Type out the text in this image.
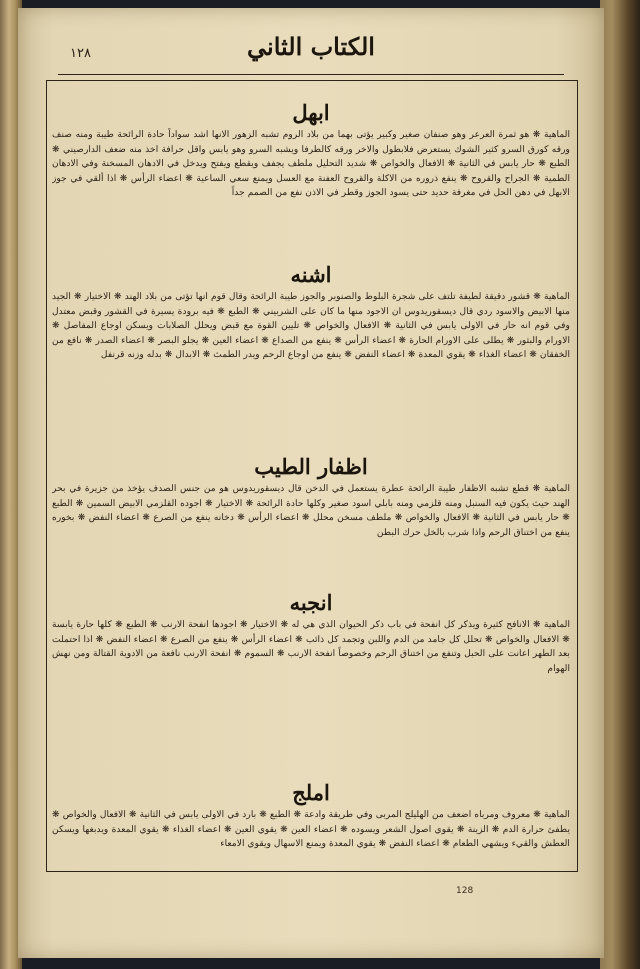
١٢٨	الكتاب الثاني
ابهل
الماهية ❋ هو ثمرة العرعر وهو صنفان صغير وكبير يؤتى بهما من بلاد الروم تشبه الزهور الانها اشد سواداً حادة الرائحة طيبة ومنه صنف ورقه كورق السرو كثير الشوك يستعرض فلابطول والاخر ورقه كالطرفا ويشبه السرو وهو يابس واقل حرافة اخذ منه ضعف الدارصيني ❋ الطبع ❋ حار يابس في الثانية ❋ الافعال والخواص ❋ شديد التحليل ملطف يجفف ويقطع ويفتح ويدخل في الادهان المسخنة وفي الادهان الطمية ❋ الجراح والقروح ❋ ينفع ذروره من الاكلة والقروح العفنة مع العسل ويمنع سعي الساعية ❋ اعضاء الرأس ❋ اذا ألقي في جوز الابهل في دهن الحل في مغرفة حديد حتى يسود الجوز وقطر في الاذن نفع من الصمم جداً
اشنه
الماهية ❋ قشور دقيقة لطيفة تلتف على شجرة البلوط والصنوبر والجوز طيبة الرائحة وقال قوم انها تؤتى من بلاد الهند ❋ الاختيار ❋ الجيد منها الابيض والاسود ردي قال ديسقوريدوس ان الاجود منها ما كان على الشربيني ❋ الطبع ❋ فيه برودة يسيرة في القشور وقبض معتدل وفي قوم انه حار في الاولى يابس في الثانية ❋ الافعال والخواص ❋ تليين القوة مع قبض ويحلل الصلابات ويسكن اوجاع المفاصل ❋ الاورام والبثور ❋ يطلى على الاورام الحارة ❋ اعضاء الرأس ❋ ينفع من الصداع ❋ اعضاء العين ❋ يجلو البصر ❋ اعضاء الصدر ❋ نافع من الخفقان ❋ اعضاء الغذاء ❋ يقوي المعدة ❋ اعضاء النفض ❋ ينفع من اوجاع الرحم ويدر الطمث ❋ الابدال ❋ بدله وزنه قرنفل
اظفار الطيب
الماهية ❋ قطع تشبه الاظفار طيبة الرائحة عطرة يستعمل في الدخن قال ديسقوريدوس هو من جنس الصدف يؤخذ من جزيرة في بحر الهند حيث يكون فيه السنبل ومنه قلزمي ومنه بابلي اسود صغير وكلها حادة الرائحة ❋ الاختيار ❋ اجوده القلزمي الابيض السمين ❋ الطبع ❋ حار يابس في الثانية ❋ الافعال والخواص ❋ ملطف مسخن محلل ❋ اعضاء الرأس ❋ دخانه ينفع من الصرع ❋ اعضاء النفض ❋ بخوره ينفع من اختناق الرحم واذا شرب بالخل حرك البطن
انجبه
الماهية ❋ الانافح كثيرة ويذكر كل انفحة في باب ذكر الحيوان الذي هي له ❋ الاختيار ❋ اجودها انفحة الارنب ❋ الطبع ❋ كلها حارة يابسة ❋ الافعال والخواص ❋ تحلل كل جامد من الدم واللبن وتجمد كل ذائب ❋ اعضاء الرأس ❋ ينفع من الصرع ❋ اعضاء النفض ❋ اذا احتملت بعد الطهر اعانت على الحبل وتنفع من اختناق الرحم وخصوصاً انفحة الارنب ❋ السموم ❋ انفحة الارنب نافعة من الادوية القتالة ومن نهش الهوام
املج
الماهية ❋ معروف ومرباه اضعف من الهليلج المربى وفي طريقة وادعة ❋ الطبع ❋ بارد في الاولى يابس في الثانية ❋ الافعال والخواص ❋ يطفئ حرارة الدم ❋ الزينة ❋ يقوي اصول الشعر ويسوده ❋ اعضاء العين ❋ يقوي العين ❋ اعضاء الغذاء ❋ يقوي المعدة ويدبغها ويسكن العطش والقيء ويشهي الطعام ❋ اعضاء النفض ❋ يقوي المعدة ويمنع الاسهال ويقوي الامعاء
128
